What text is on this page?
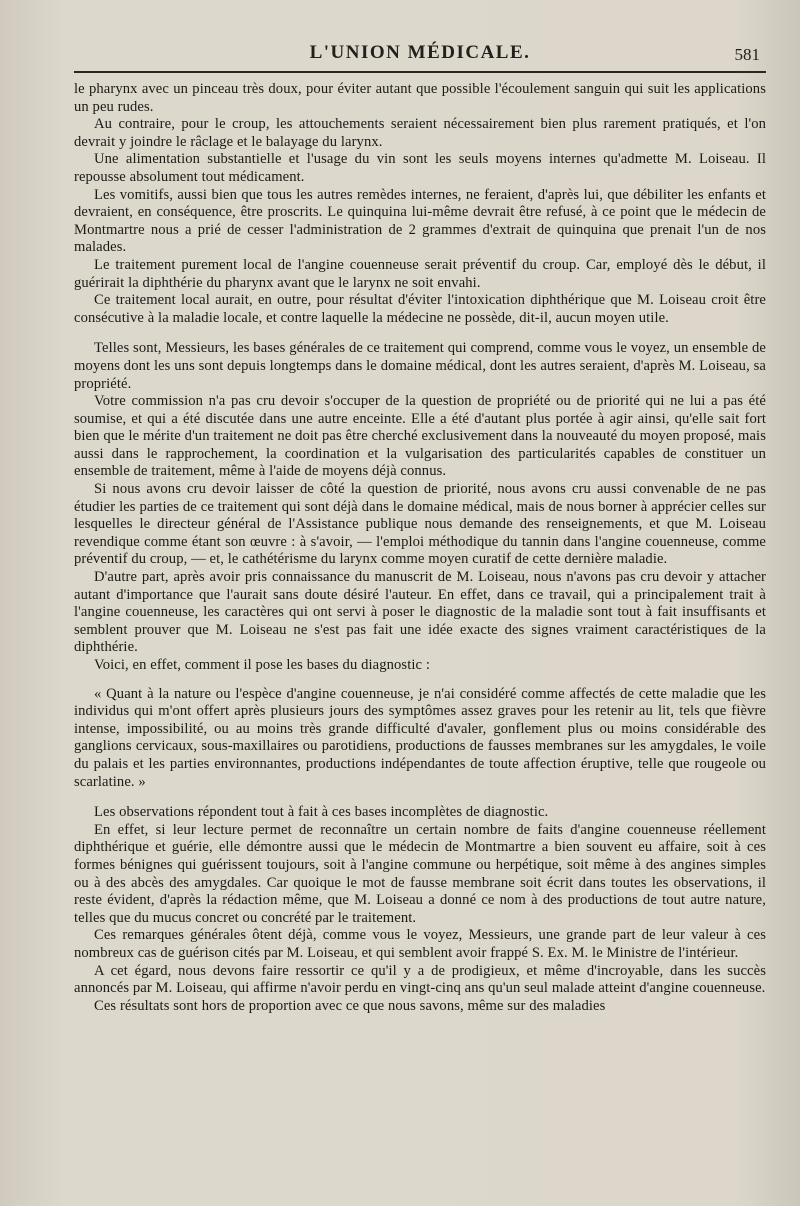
L'UNION MÉDICALE.	581

le pharynx avec un pinceau très doux, pour éviter autant que possible l'écoulement sanguin qui suit les applications un peu rudes.

Au contraire, pour le croup, les attouchements seraient nécessairement bien plus rarement pratiqués, et l'on devrait y joindre le râclage et le balayage du larynx.

Une alimentation substantielle et l'usage du vin sont les seuls moyens internes qu'admette M. Loiseau. Il repousse absolument tout médicament.

Les vomitifs, aussi bien que tous les autres remèdes internes, ne feraient, d'après lui, que débiliter les enfants et devraient, en conséquence, être proscrits. Le quinquina lui-même devrait être refusé, à ce point que le médecin de Montmartre nous a prié de cesser l'administration de 2 grammes d'extrait de quinquina que prenait l'un de nos malades.

Le traitement purement local de l'angine couenneuse serait préventif du croup. Car, employé dès le début, il guérirait la diphthérie du pharynx avant que le larynx ne soit envahi.

Ce traitement local aurait, en outre, pour résultat d'éviter l'intoxication diphthérique que M. Loiseau croit être consécutive à la maladie locale, et contre laquelle la médecine ne possède, dit-il, aucun moyen utile.

Telles sont, Messieurs, les bases générales de ce traitement qui comprend, comme vous le voyez, un ensemble de moyens dont les uns sont depuis longtemps dans le domaine médical, dont les autres seraient, d'après M. Loiseau, sa propriété.

Votre commission n'a pas cru devoir s'occuper de la question de propriété ou de priorité qui ne lui a pas été soumise, et qui a été discutée dans une autre enceinte. Elle a été d'autant plus portée à agir ainsi, qu'elle sait fort bien que le mérite d'un traitement ne doit pas être cherché exclusivement dans la nouveauté du moyen proposé, mais aussi dans le rapprochement, la coordination et la vulgarisation des particularités capables de constituer un ensemble de traitement, même à l'aide de moyens déjà connus.

Si nous avons cru devoir laisser de côté la question de priorité, nous avons cru aussi convenable de ne pas étudier les parties de ce traitement qui sont déjà dans le domaine médical, mais de nous borner à apprécier celles sur lesquelles le directeur général de l'Assistance publique nous demande des renseignements, et que M. Loiseau revendique comme étant son œuvre : à s'avoir, — l'emploi méthodique du tannin dans l'angine couenneuse, comme préventif du croup, — et, le cathétérisme du larynx comme moyen curatif de cette dernière maladie.

D'autre part, après avoir pris connaissance du manuscrit de M. Loiseau, nous n'avons pas cru devoir y attacher autant d'importance que l'aurait sans doute désiré l'auteur. En effet, dans ce travail, qui a principalement trait à l'angine couenneuse, les caractères qui ont servi à poser le diagnostic de la maladie sont tout à fait insuffisants et semblent prouver que M. Loiseau ne s'est pas fait une idée exacte des signes vraiment caractéristiques de la diphthérie.

Voici, en effet, comment il pose les bases du diagnostic :

« Quant à la nature ou l'espèce d'angine couenneuse, je n'ai considéré comme affectés de cette maladie que les individus qui m'ont offert après plusieurs jours des symptômes assez graves pour les retenir au lit, tels que fièvre intense, impossibilité, ou au moins très grande difficulté d'avaler, gonflement plus ou moins considérable des ganglions cervicaux, sous-maxillaires ou parotidiens, productions de fausses membranes sur les amygdales, le voile du palais et les parties environnantes, productions indépendantes de toute affection éruptive, telle que rougeole ou scarlatine. »

Les observations répondent tout à fait à ces bases incomplètes de diagnostic.

En effet, si leur lecture permet de reconnaître un certain nombre de faits d'angine couenneuse réellement diphthérique et guérie, elle démontre aussi que le médecin de Montmartre a bien souvent eu affaire, soit à ces formes bénignes qui guérissent toujours, soit à l'angine commune ou herpétique, soit même à des angines simples ou à des abcès des amygdales. Car quoique le mot de fausse membrane soit écrit dans toutes les observations, il reste évident, d'après la rédaction même, que M. Loiseau a donné ce nom à des productions de tout autre nature, telles que du mucus concret ou concrété par le traitement.

Ces remarques générales ôtent déjà, comme vous le voyez, Messieurs, une grande part de leur valeur à ces nombreux cas de guérison cités par M. Loiseau, et qui semblent avoir frappé S. Ex. M. le Ministre de l'intérieur.

A cet égard, nous devons faire ressortir ce qu'il y a de prodigieux, et même d'incroyable, dans les succès annoncés par M. Loiseau, qui affirme n'avoir perdu en vingt-cinq ans qu'un seul malade atteint d'angine couenneuse.

Ces résultats sont hors de proportion avec ce que nous savons, même sur des maladies
